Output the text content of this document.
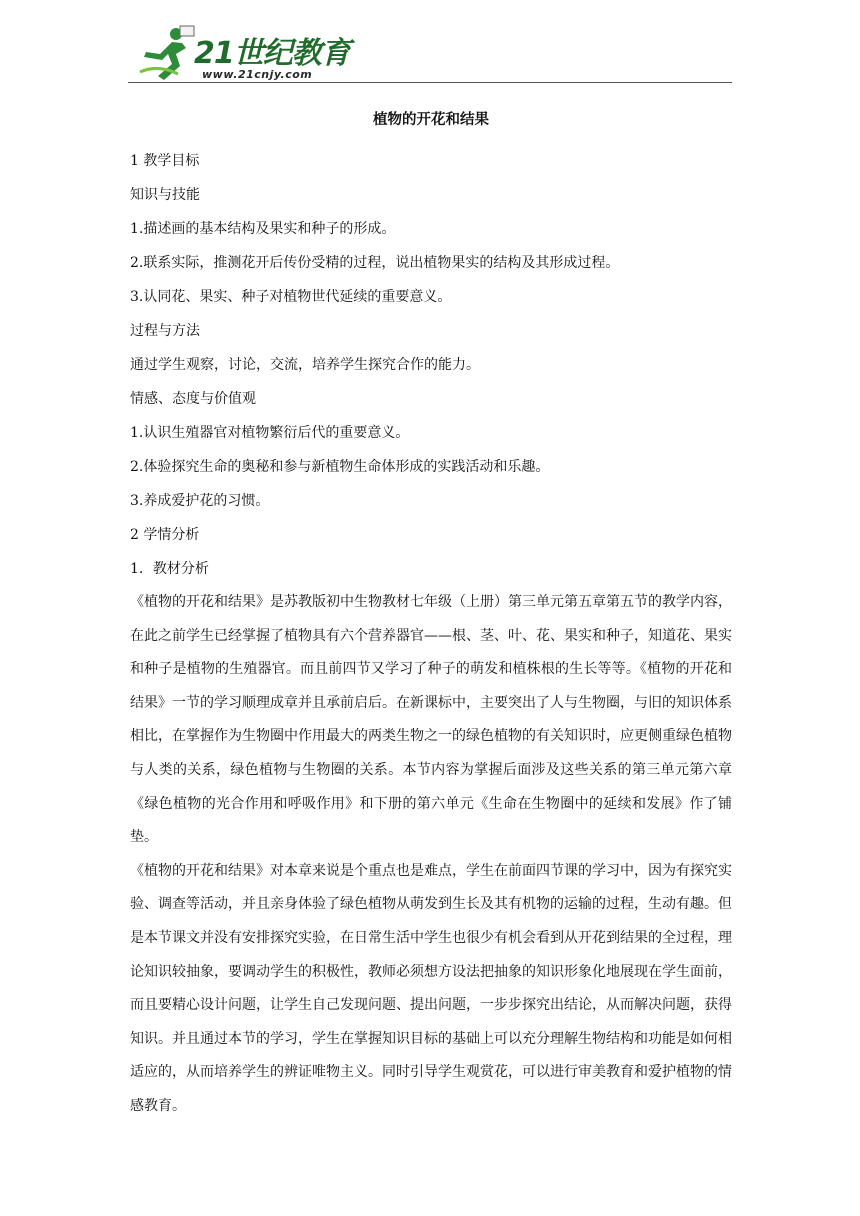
21世纪教育
www.21cnjy.com
植物的开花和结果

1 教学目标

知识与技能

1.描述画的基本结构及果实和种子的形成。

2.联系实际，推测花开后传份受精的过程，说出植物果实的结构及其形成过程。

3.认同花、果实、种子对植物世代延续的重要意义。

过程与方法

通过学生观察，讨论，交流，培养学生探究合作的能力。

情感、态度与价值观

1.认识生殖器官对植物繁衍后代的重要意义。

2.体验探究生命的奥秘和参与新植物生命体形成的实践活动和乐趣。

3.养成爱护花的习惯。

2 学情分析

1．教材分析

《植物的开花和结果》是苏教版初中生物教材七年级（上册）第三单元第五章第五节的教学内容，在此之前学生已经掌握了植物具有六个营养器官——根、茎、叶、花、果实和种子，知道花、果实和种子是植物的生殖器官。而且前四节又学习了种子的萌发和植株根的生长等等。《植物的开花和结果》一节的学习顺理成章并且承前启后。在新课标中，主要突出了人与生物圈，与旧的知识体系相比，在掌握作为生物圈中作用最大的两类生物之一的绿色植物的有关知识时，应更侧重绿色植物与人类的关系，绿色植物与生物圈的关系。本节内容为掌握后面涉及这些关系的第三单元第六章《绿色植物的光合作用和呼吸作用》和下册的第六单元《生命在生物圈中的延续和发展》作了铺垫。

《植物的开花和结果》对本章来说是个重点也是难点，学生在前面四节课的学习中，因为有探究实验、调查等活动，并且亲身体验了绿色植物从萌发到生长及其有机物的运输的过程，生动有趣。但是本节课文并没有安排探究实验，在日常生活中学生也很少有机会看到从开花到结果的全过程，理论知识较抽象，要调动学生的积极性，教师必须想方设法把抽象的知识形象化地展现在学生面前，而且要精心设计问题，让学生自己发现问题、提出问题，一步步探究出结论，从而解决问题，获得知识。并且通过本节的学习，学生在掌握知识目标的基础上可以充分理解生物结构和功能是如何相适应的，从而培养学生的辨证唯物主义。同时引导学生观赏花，可以进行审美教育和爱护植物的情感教育。
